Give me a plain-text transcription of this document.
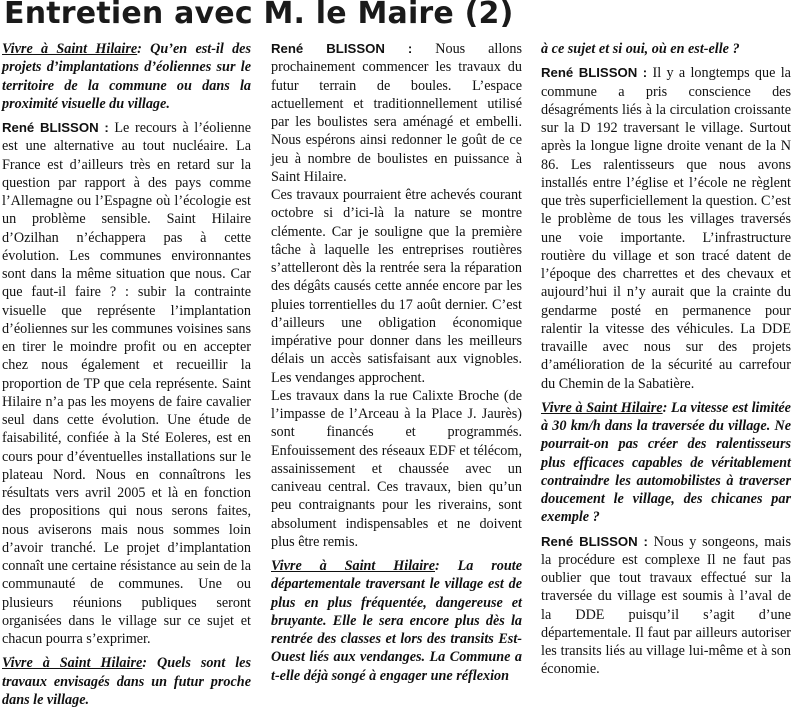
Entretien avec M. le Maire (2)

Vivre à Saint Hilaire: Qu’en est-il des projets d’implantations d’éoliennes sur le territoire de la commune ou dans la proximité visuelle du village.

René BLISSON : Le recours à l’éolienne est une alternative au tout nucléaire. La France est d’ailleurs très en retard sur la question par rapport à des pays comme l’Allemagne ou l’Espagne où l’écologie est un problème sensible. Saint Hilaire d’Ozilhan n’échappera pas à cette évolution. Les communes environnantes sont dans la même situation que nous. Car que faut-il faire ? : subir la contrainte visuelle que représente l’implantation d’éoliennes sur les communes voisines sans en tirer le moindre profit ou en accepter chez nous également et recueillir la proportion de TP que cela représente. Saint Hilaire n’a pas les moyens de faire cavalier seul dans cette évolution. Une étude de faisabilité, confiée à la Sté Eoleres, est en cours pour d’éventuelles installations sur le plateau Nord. Nous en connaîtrons les résultats vers avril 2005 et là en fonction des propositions qui nous serons faites, nous aviserons mais nous sommes loin d’avoir tranché. Le projet d’implantation connaît une certaine résistance au sein de la communauté de communes. Une ou plusieurs réunions publiques seront organisées dans le village sur ce sujet et chacun pourra s’exprimer.

Vivre à Saint Hilaire: Quels sont les travaux envisagés dans un futur proche dans le village.

René BLISSON : Nous allons prochainement commencer les travaux du futur terrain de boules. L’espace actuellement et traditionnellement utilisé par les boulistes sera aménagé et embelli. Nous espérons ainsi redonner le goût de ce jeu à nombre de boulistes en puissance à Saint Hilaire.

Ces travaux pourraient être achevés courant octobre si d’ici-là la nature se montre clémente. Car je souligne que la première tâche à laquelle les entreprises routières s’attelleront dès la rentrée sera la réparation des dégâts causés cette année encore par les pluies torrentielles du 17 août dernier. C’est d’ailleurs une obligation économique impérative pour donner dans les meilleurs délais un accès satisfaisant aux vignobles. Les vendanges approchent.

Les travaux dans la rue Calixte Broche (de l’impasse de l’Arceau à la Place J. Jaurès) sont financés et programmés. Enfouissement des réseaux EDF et télécom, assainissement et chaussée avec un caniveau central. Ces travaux, bien qu’un peu contraignants pour les riverains, sont absolument indispensables et ne doivent plus être remis.

Vivre à Saint Hilaire: La route départementale traversant le village est de plus en plus fréquentée, dangereuse et bruyante. Elle le sera encore plus dès la rentrée des classes et lors des transits Est-Ouest liés aux vendanges. La Commune a t-elle déjà songé à engager une réflexion

à ce sujet et si oui, où en est-elle ?

René BLISSON : Il y a longtemps que la commune a pris conscience des désagréments liés à la circulation croissante sur la D 192 traversant le village. Surtout après la longue ligne droite venant de la N 86. Les ralentisseurs que nous avons installés entre l’église et l’école ne règlent que très superficiellement la question. C’est le problème de tous les villages traversés une voie importante. L’infrastructure routière du village et son tracé datent de l’époque des charrettes et des chevaux et aujourd’hui il n’y aurait que la crainte du gendarme posté en permanence pour ralentir la vitesse des véhicules. La DDE travaille avec nous sur des projets d’amélioration de la sécurité au carrefour du Chemin de la Sabatière.

Vivre à Saint Hilaire: La vitesse est limitée à 30 km/h dans la traversée du village. Ne pourrait-on pas créer des ralentisseurs plus efficaces capables de véritablement contraindre les automobilistes à traverser doucement le village, des chicanes par exemple ?

René BLISSON : Nous y songeons, mais la procédure est complexe Il ne faut pas oublier que tout travaux effectué sur la traversée du village est soumis à l’aval de la DDE puisqu’il s’agit d’une départementale. Il faut par ailleurs autoriser les transits liés au village lui-même et à son économie.
